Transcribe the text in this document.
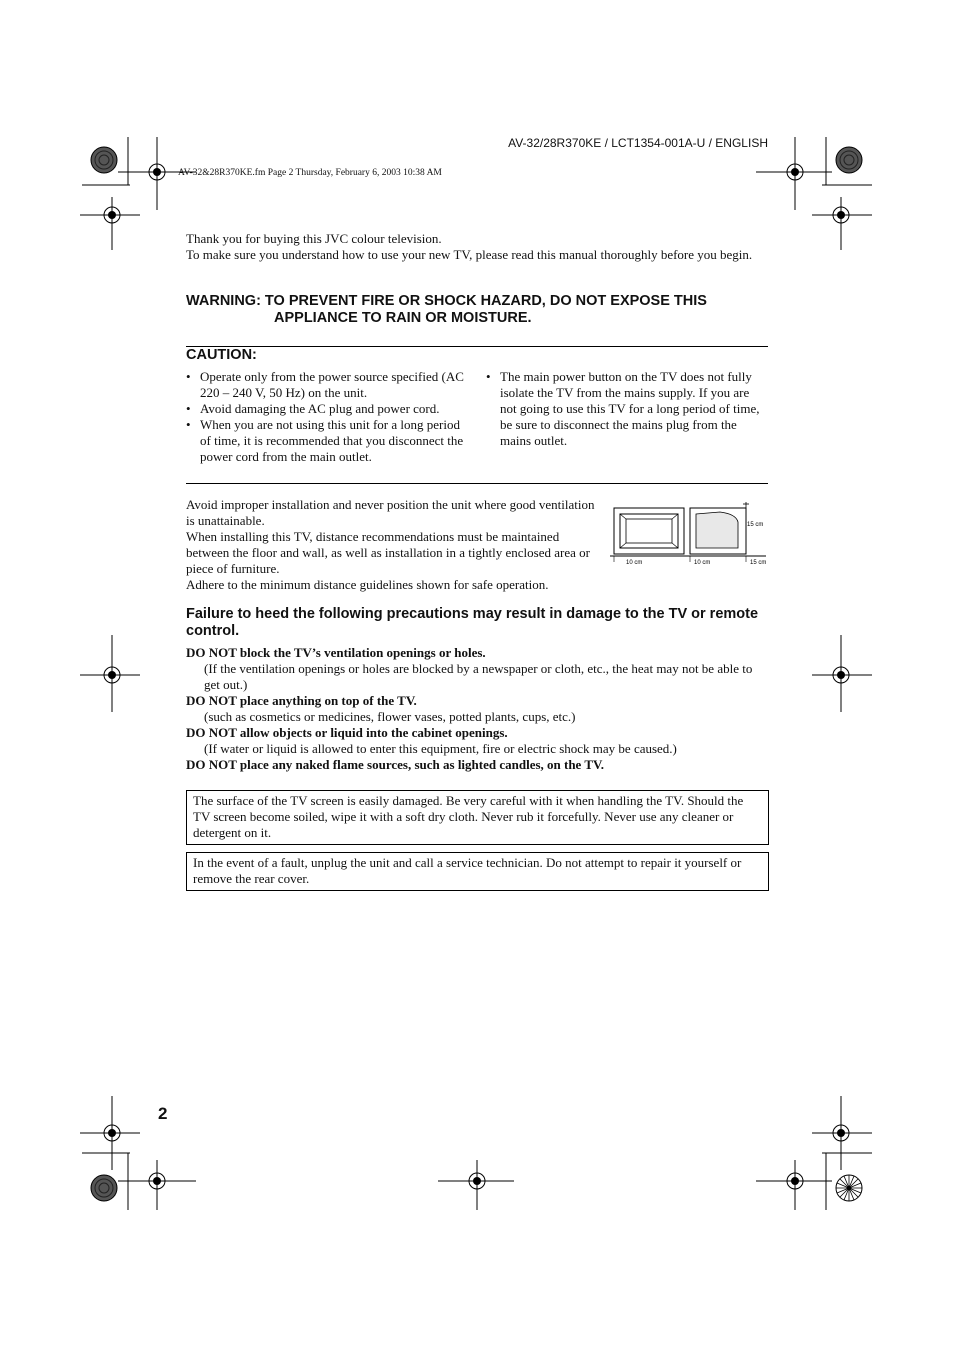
AV-32/28R370KE / LCT1354-001A-U / ENGLISH
AV-32&28R370KE.fm Page 2 Thursday, February 6, 2003 10:38 AM
Thank you for buying this JVC colour television.
To make sure you understand how to use your new TV, please read this manual thoroughly before you begin.
WARNING: TO PREVENT FIRE OR SHOCK HAZARD, DO NOT EXPOSE THIS
APPLIANCE TO RAIN OR MOISTURE.
CAUTION:
• Operate only from the power source specified (AC 220 – 240 V, 50 Hz) on the unit.
• Avoid damaging the AC plug and power cord.
• When you are not using this unit for a long period of time, it is recommended that you disconnect the power cord from the main outlet.
• The main power button on the TV does not fully isolate the TV from the mains supply. If you are not going to use this TV for a long period of time, be sure to disconnect the mains plug from the mains outlet.
Avoid improper installation and never position the unit where good ventilation is unattainable.
When installing this TV, distance recommendations must be maintained between the floor and wall, as well as installation in a tightly enclosed area or piece of furniture.
Adhere to the minimum distance guidelines shown for safe operation.
10 cm	10 cm
15 cm
15 cm
Failure to heed the following precautions may result in damage to the TV or remote control.
DO NOT block the TV’s ventilation openings or holes.
(If the ventilation openings or holes are blocked by a newspaper or cloth, etc., the heat may not be able to get out.)
DO NOT place anything on top of the TV.
(such as cosmetics or medicines, flower vases, potted plants, cups, etc.)
DO NOT allow objects or liquid into the cabinet openings.
(If water or liquid is allowed to enter this equipment, fire or electric shock may be caused.)
DO NOT place any naked flame sources, such as lighted candles, on the TV.
The surface of the TV screen is easily damaged. Be very careful with it when handling the TV. Should the TV screen become soiled, wipe it with a soft dry cloth. Never rub it forcefully. Never use any cleaner or detergent on it.
In the event of a fault, unplug the unit and call a service technician. Do not attempt to repair it yourself or remove the rear cover.
2
